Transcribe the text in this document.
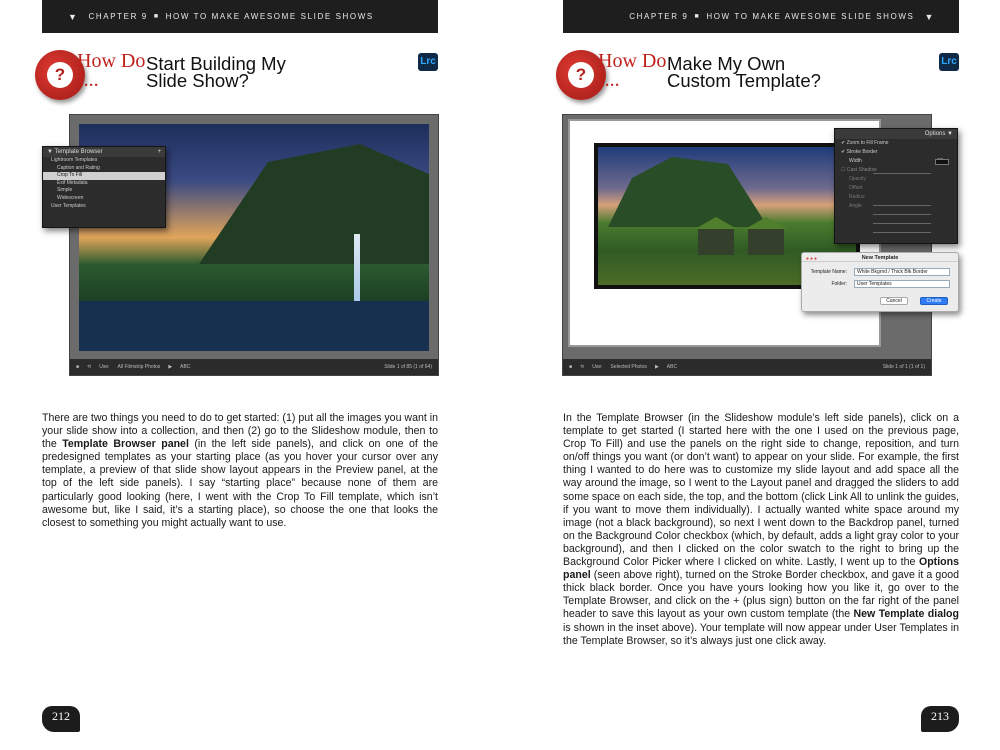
▼ CHAPTER 9 ■ HOW TO MAKE AWESOME SLIDE SHOWS
?
How Do I...
Start Building My
Slide Show?
Lrc
■ ⟲ Use: All Filmstrip Photos ▶ ABC	Slide 1 of 85 (1 of 64)
▼ Template Browser	+
Lightroom Templates
Caption and Rating
Crop To Fill
Exif Metadata
Simple
Widescreen
User Templates
There are two things you need to do to get started: (1) put all the images you want in your slide show into a collection, and then (2) go to the Slideshow module, then to the Template Browser panel (in the left side panels), and click on one of the predesigned templates as your starting place (as you hover your cursor over any template, a preview of that slide show layout appears in the Preview panel, at the top of the left side panels). I say “starting place” because none of them are particularly good looking (here, I went with the Crop To Fill template, which isn’t awesome but, like I said, it’s a starting place), so choose the one that looks the closest to something you might actually want to use.
212
CHAPTER 9 ■ HOW TO MAKE AWESOME SLIDE SHOWS ▼
?
How Do I...
Make My Own
Custom Template?
Lrc
■ ⟲ Use: Selected Photos ▶ ABC	Slide 1 of 1 (1 of 1)
Options ▼
✔ Zoom to Fill Frame
✔ Stroke Border
Width
☐ Cast Shadow
Opacity
Offset
Radius
Angle
●●●	New Template
Template Name:	White Bkgrnd / Thick Blk Border
Folder:	User Templates
Cancel	Create
In the Template Browser (in the Slideshow module’s left side panels), click on a template to get started (I started here with the one I used on the previous page, Crop To Fill) and use the panels on the right side to change, reposition, and turn on/off things you want (or don’t want) to appear on your slide. For example, the first thing I wanted to do here was to customize my slide layout and add space all the way around the image, so I went to the Layout panel and dragged the sliders to add some space on each side, the top, and the bottom (click Link All to unlink the guides, if you want to move them individually). I actually wanted white space around my image (not a black background), so next I went down to the Backdrop panel, turned on the Background Color checkbox (which, by default, adds a light gray color to your background), and then I clicked on the color swatch to the right to bring up the Background Color Picker where I clicked on white. Lastly, I went up to the Options panel (seen above right), turned on the Stroke Border checkbox, and gave it a good thick black border. Once you have yours looking how you like it, go over to the Template Browser, and click on the + (plus sign) button on the far right of the panel header to save this layout as your own custom template (the New Template dialog is shown in the inset above). Your template will now appear under User Templates in the Template Browser, so it’s always just one click away.
213
